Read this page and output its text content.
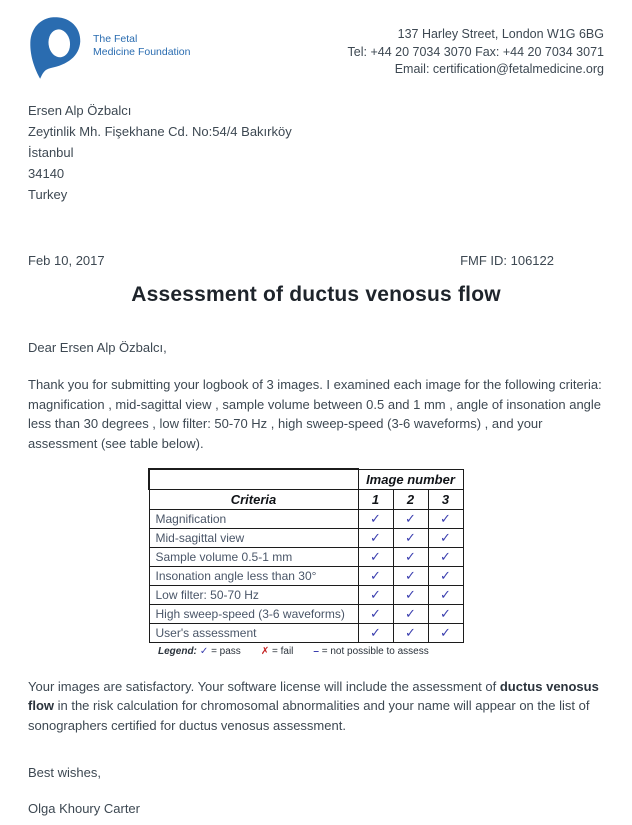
The Fetal
Medicine Foundation
137 Harley Street, London W1G 6BG
Tel: +44 20 7034 3070 Fax: +44 20 7034 3071
Email: certification@fetalmedicine.org
Ersen Alp Özbalcı
Zeytinlik Mh. Fişekhane Cd. No:54/4 Bakırköy
İstanbul
34140
Turkey
Feb 10, 2017	FMF ID: 106122
Assessment of ductus venosus flow
Dear Ersen Alp Özbalcı,
Thank you for submitting your logbook of 3 images. I examined each image for the following criteria: magnification , mid-sagittal view , sample volume between 0.5 and 1 mm , angle of insonation angle less than 30 degrees , low filter: 50-70 Hz , high sweep-speed (3-6 waveforms) , and your assessment (see table below).
	Image number		
Criteria	1	2	3
Magnification	✓	✓	✓
Mid-sagittal view	✓	✓	✓
Sample volume 0.5-1 mm	✓	✓	✓
Insonation angle less than 30°	✓	✓	✓
Low filter: 50-70 Hz	✓	✓	✓
High sweep-speed (3-6 waveforms)	✓	✓	✓
User's assessment	✓	✓	✓
Legend: ✓ = pass ✗ = fail – = not possible to assess
Your images are satisfactory. Your software license will include the assessment of ductus venosus flow in the risk calculation for chromosomal abnormalities and your name will appear on the list of sonographers certified for ductus venosus assessment.
Best wishes,
Olga Khoury Carter
